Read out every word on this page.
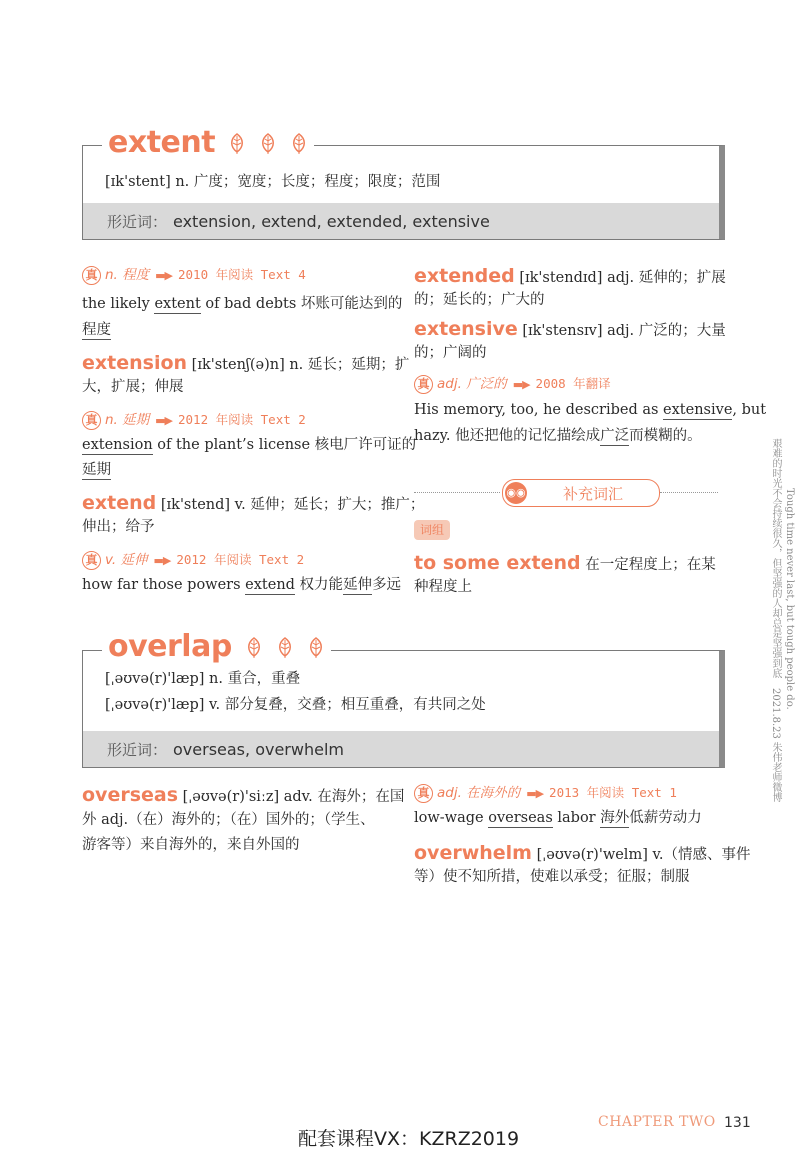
[ɪk'stent] n. 广度；宽度；长度；程度；限度；范围
形近词： extension, extend, extended, extensive
extent
真 n. 程度 ▬▶ 2010 年阅读 Text 4
the likely extent of bad debts 坏账可能达到的
程度
extension [ɪk'stenʃ(ə)n] n. 延长；延期；扩
大，扩展；伸展
真 n. 延期 ▬▶ 2012 年阅读 Text 2
extension of the plant’s license 核电厂许可证的
延期
extend [ɪk'stend] v. 延伸；延长；扩大；推广；
伸出；给予
真 v. 延伸 ▬▶ 2012 年阅读 Text 2
how far those powers extend 权力能延伸多远
extended [ɪk'stendɪd] adj. 延伸的；扩展
的；延长的；广大的
extensive [ɪk'stensɪv] adj. 广泛的；大量
的；广阔的
真 adj. 广泛的 ▬▶ 2008 年翻译
His memory, too, he described as extensive, but
hazy. 他还把他的记忆描绘成广泛而模糊的。
◉◉	补充词汇
词组
to some extend 在一定程度上；在某
种程度上
[ˌəʊvə(r)'læp] n. 重合，重叠
[ˌəʊvə(r)'læp] v. 部分复叠，交叠；相互重叠，有共同之处
形近词： overseas, overwhelm
overlap
overseas [ˌəʊvə(r)'siːz] adv. 在海外；在国
外 adj.（在）海外的；（在）国外的；（学生、
游客等）来自海外的，来自外国的
真 adj. 在海外的 ▬▶ 2013 年阅读 Text 1
low-wage overseas labor 海外低薪劳动力
overwhelm [ˌəʊvə(r)'welm] v.（情感、事件
等）使不知所措，使难以承受；征服；制服
艰难的时光不会持续很久，但坚强的人却总是坚强到底　2021.8.23 朱伟老师微博 Tough time never last, but tough people do.
配套课程VX：KZRZ2019
CHAPTER TWO 131
